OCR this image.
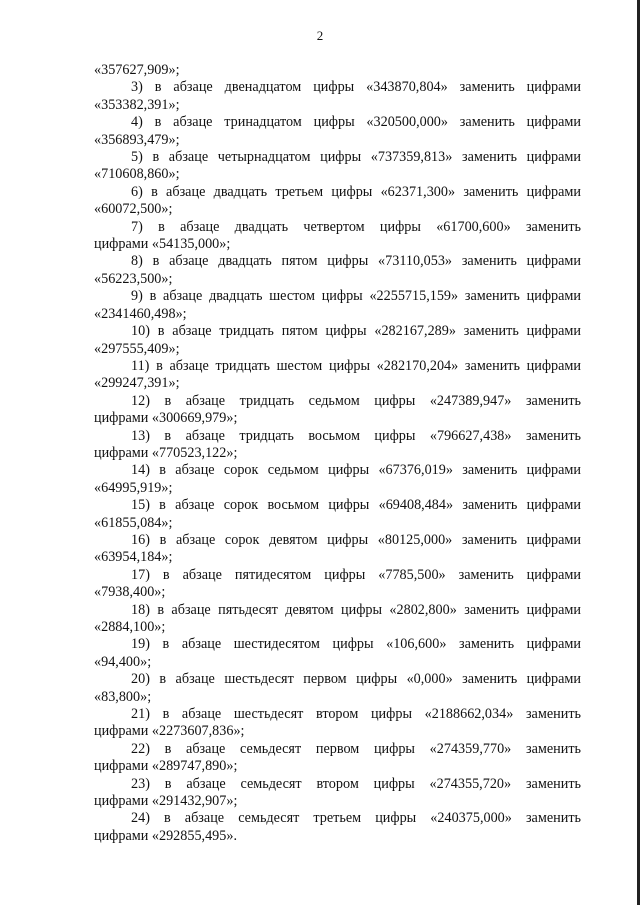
2
«357627,909»;
3) в абзаце двенадцатом цифры «343870,804» заменить цифрами
«353382,391»;
4) в абзаце тринадцатом цифры «320500,000» заменить цифрами
«356893,479»;
5) в абзаце четырнадцатом цифры «737359,813» заменить цифрами
«710608,860»;
6) в абзаце двадцать третьем цифры «62371,300» заменить цифрами
«60072,500»;
7) в абзаце двадцать четвертом цифры «61700,600» заменить
цифрами «54135,000»;
8) в абзаце двадцать пятом цифры «73110,053» заменить цифрами
«56223,500»;
9) в абзаце двадцать шестом цифры «2255715,159» заменить цифрами
«2341460,498»;
10) в абзаце тридцать пятом цифры «282167,289» заменить цифрами
«297555,409»;
11) в абзаце тридцать шестом цифры «282170,204» заменить цифрами
«299247,391»;
12) в абзаце тридцать седьмом цифры «247389,947» заменить
цифрами «300669,979»;
13) в абзаце тридцать восьмом цифры «796627,438» заменить
цифрами «770523,122»;
14) в абзаце сорок седьмом цифры «67376,019» заменить цифрами
«64995,919»;
15) в абзаце сорок восьмом цифры «69408,484» заменить цифрами
«61855,084»;
16) в абзаце сорок девятом цифры «80125,000» заменить цифрами
«63954,184»;
17) в абзаце пятидесятом цифры «7785,500» заменить цифрами
«7938,400»;
18) в абзаце пятьдесят девятом цифры «2802,800» заменить цифрами
«2884,100»;
19) в абзаце шестидесятом цифры «106,600» заменить цифрами
«94,400»;
20) в абзаце шестьдесят первом цифры «0,000» заменить цифрами
«83,800»;
21) в абзаце шестьдесят втором цифры «2188662,034» заменить
цифрами «2273607,836»;
22) в абзаце семьдесят первом цифры «274359,770» заменить
цифрами «289747,890»;
23) в абзаце семьдесят втором цифры «274355,720» заменить
цифрами «291432,907»;
24) в абзаце семьдесят третьем цифры «240375,000» заменить
цифрами «292855,495».
